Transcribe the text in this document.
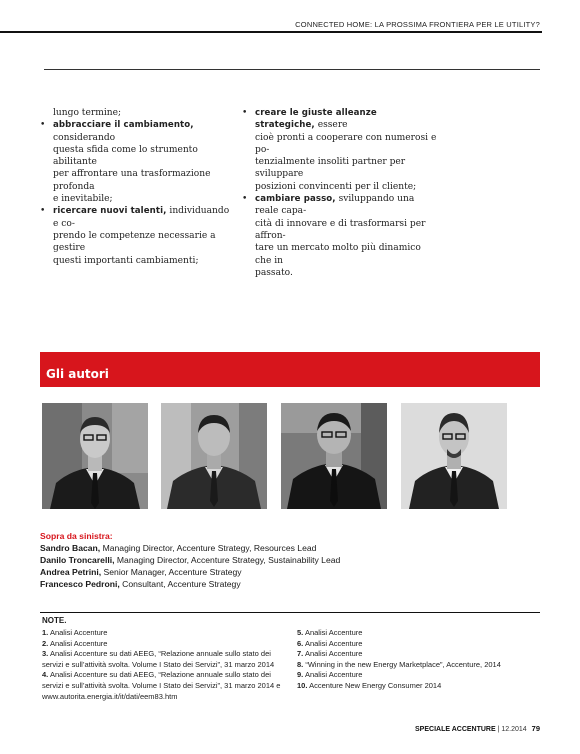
CONNECTED HOME: LA PROSSIMA FRONTIERA PER LE UTILITY?

lungo termine;

• abbracciare il cambiamento, considerando
questa sfida come lo strumento abilitante
per affrontare una trasformazione profonda
e inevitabile;
• ricercare nuovi talenti, individuando e co-
prendo le competenze necessarie a gestire
questi importanti cambiamenti;
• creare le giuste alleanze strategiche, essere
cioè pronti a cooperare con numerosi e po-
tenzialmente insoliti partner per sviluppare
posizioni convincenti per il cliente;
• cambiare passo, sviluppando una reale capa-
cità di innovare e di trasformarsi per affron-
tare un mercato molto più dinamico che in
passato.
Gli autori
Sopra da sinistra:
Sandro Bacan, Managing Director, Accenture Strategy, Resources Lead
Danilo Troncarelli, Managing Director, Accenture Strategy, Sustainability Lead
Andrea Petrini, Senior Manager, Accenture Strategy
Francesco Pedroni, Consultant, Accenture Strategy
NOTE.
1. Analisi Accenture
2. Analisi Accenture
3. Analisi Accenture su dati AEEG, “Relazione annuale sullo stato dei
servizi e sull’attività svolta. Volume I Stato dei Servizi”, 31 marzo 2014
4. Analisi Accenture su dati AEEG, “Relazione annuale sullo stato dei
servizi e sull’attività svolta. Volume I Stato dei Servizi”, 31 marzo 2014 e
www.autorita.energia.it/it/dati/eem83.htm
5. Analisi Accenture
6. Analisi Accenture
7. Analisi Accenture
8. “Winning in the new Energy Marketplace”, Accenture, 2014
9. Analisi Accenture
10. Accenture New Energy Consumer 2014
SPECIALE ACCENTURE | 12.2014 79
